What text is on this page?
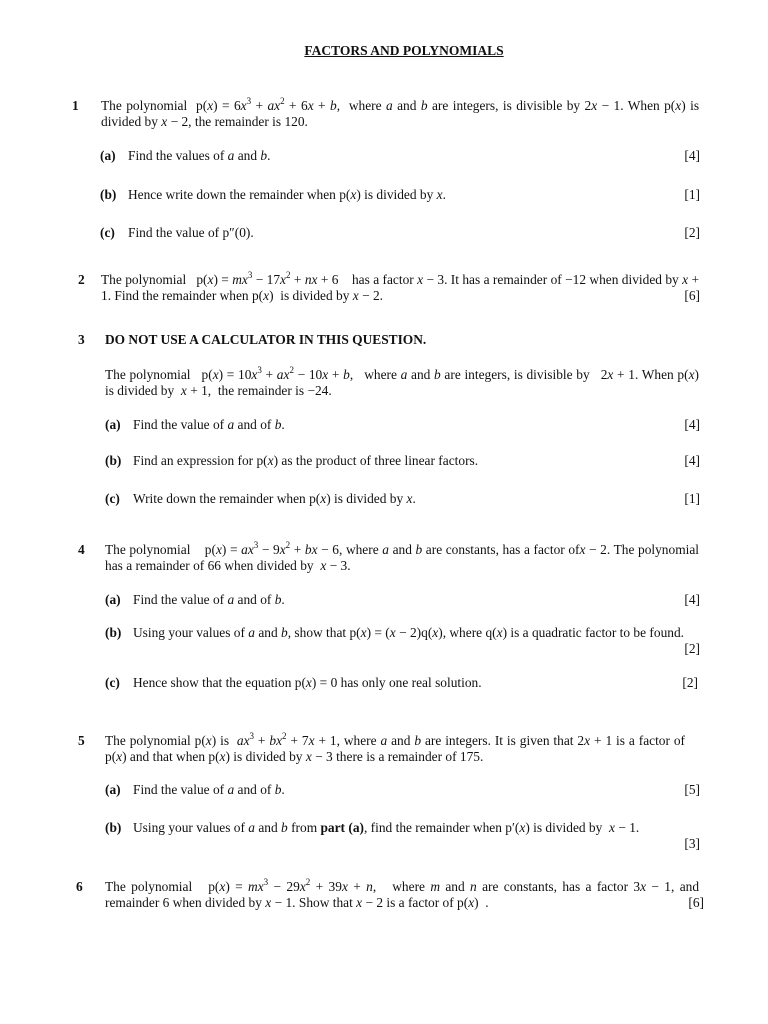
FACTORS AND POLYNOMIALS
1 The polynomial  $p(x) = 6x^3 + ax^2 + 6x + b$,  where a and b are integers, is divisible by 2x − 1. When p(x) is divided by x − 2, the remainder is 120.
(a) Find the values of a and b.	[4]
(b) Hence write down the remainder when p(x) is divided by x.	[1]
(c) Find the value of p″(0).	[2]
2 The polynomial   $p(x) = mx^3 - 17x^2$ + nx + 6    has a factor x − 3. It has a remainder of −12 when divided by x + 1. Find the remainder when p(x)  is divided by x − 2.	[6]
3 DO NOT USE A CALCULATOR IN THIS QUESTION.
The polynomial   $p(x) = 10x^3 + ax^2 - 10x + b$,   where a and b are integers, is divisible by   2x + 1. When p(x) is divided by  x + 1,  the remainder is −24.
(a) Find the value of a and of b.	[4]
(b) Find an expression for p(x) as the product of three linear factors.	[4]
(c) Write down the remainder when p(x) is divided by x.	[1]
4 The polynomial    $p(x) = ax^3 - 9x^2$ + bx − 6, where a and b are constants, has a factor ofx − 2. The polynomial has a remainder of 66 when divided by  x − 3.
(a) Find the value of a and of b.	[4]
(b) Using your values of a and b, show that p(x) = (x − 2)q(x), where q(x) is a quadratic factor to be found.
[2]
(c) Hence show that the equation p(x) = 0 has only one real solution.	[2]
5 The polynomial p(x) is  $ax^3 + bx^2 + 7x + 1$, where a and b are integers. It is given that 2x + 1 is a factor of p(x) and that when p(x) is divided by x − 3 there is a remainder of 175.
(a) Find the value of a and of b.	[5]
(b) Using your values of a and b from part (a), find the remainder when p′(x) is divided by  x − 1.
[3]
6 The polynomial   $p(x) = mx^3 - 29x^2 + 39x + n$,   where m and n are constants, has a factor 3x − 1, and remainder 6 when divided by x − 1. Show that x − 2 is a factor of p(x)  .	[6]
